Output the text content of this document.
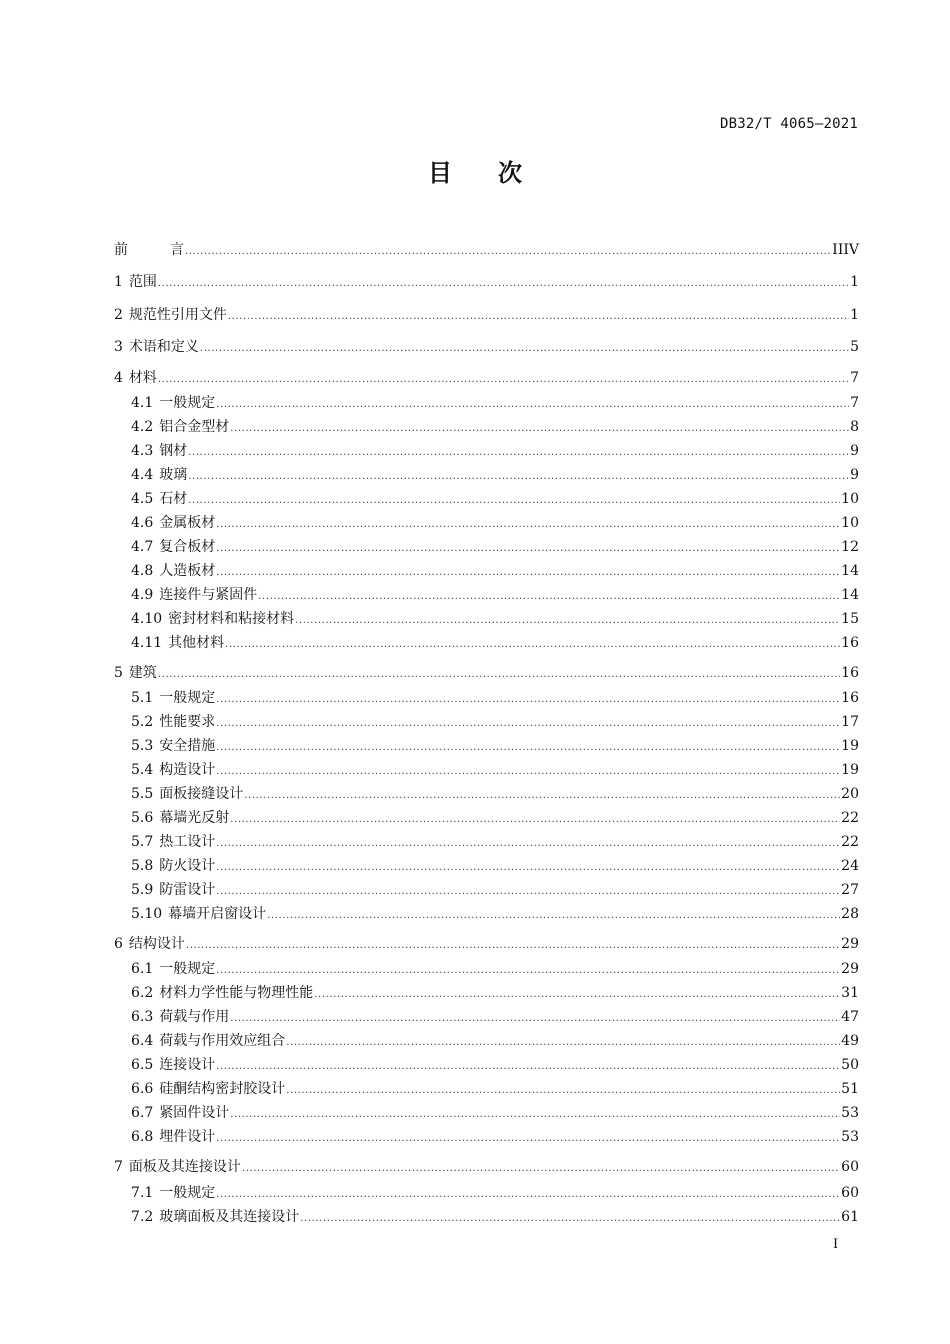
DB32/T 4065—2021
目 次
前	言 .....	IIIV
1 范围 .....	1
2 规范性引用文件 .....	1
3 术语和定义 .....	5
4 材料 .....	7
4.1 一般规定 .....	7
4.2 铝合金型材 .....	8
4.3 钢材 .....	9
4.4 玻璃 .....	9
4.5 石材 .....	10
4.6 金属板材 .....	10
4.7 复合板材 .....	12
4.8 人造板材 .....	14
4.9 连接件与紧固件 .....	14
4.10 密封材料和粘接材料 .....	15
4.11 其他材料 .....	16
5 建筑 .....	16
5.1 一般规定 .....	16
5.2 性能要求 .....	17
5.3 安全措施 .....	19
5.4 构造设计 .....	19
5.5 面板接缝设计 .....	20
5.6 幕墙光反射 .....	22
5.7 热工设计 .....	22
5.8 防火设计 .....	24
5.9 防雷设计 .....	27
5.10 幕墙开启窗设计 .....	28
6 结构设计 .....	29
6.1 一般规定 .....	29
6.2 材料力学性能与物理性能 .....	31
6.3 荷载与作用 .....	47
6.4 荷载与作用效应组合 .....	49
6.5 连接设计 .....	50
6.6 硅酮结构密封胶设计 .....	51
6.7 紧固件设计 .....	53
6.8 埋件设计 .....	53
7 面板及其连接设计 .....	60
7.1 一般规定 .....	60
7.2 玻璃面板及其连接设计 .....	61
I
